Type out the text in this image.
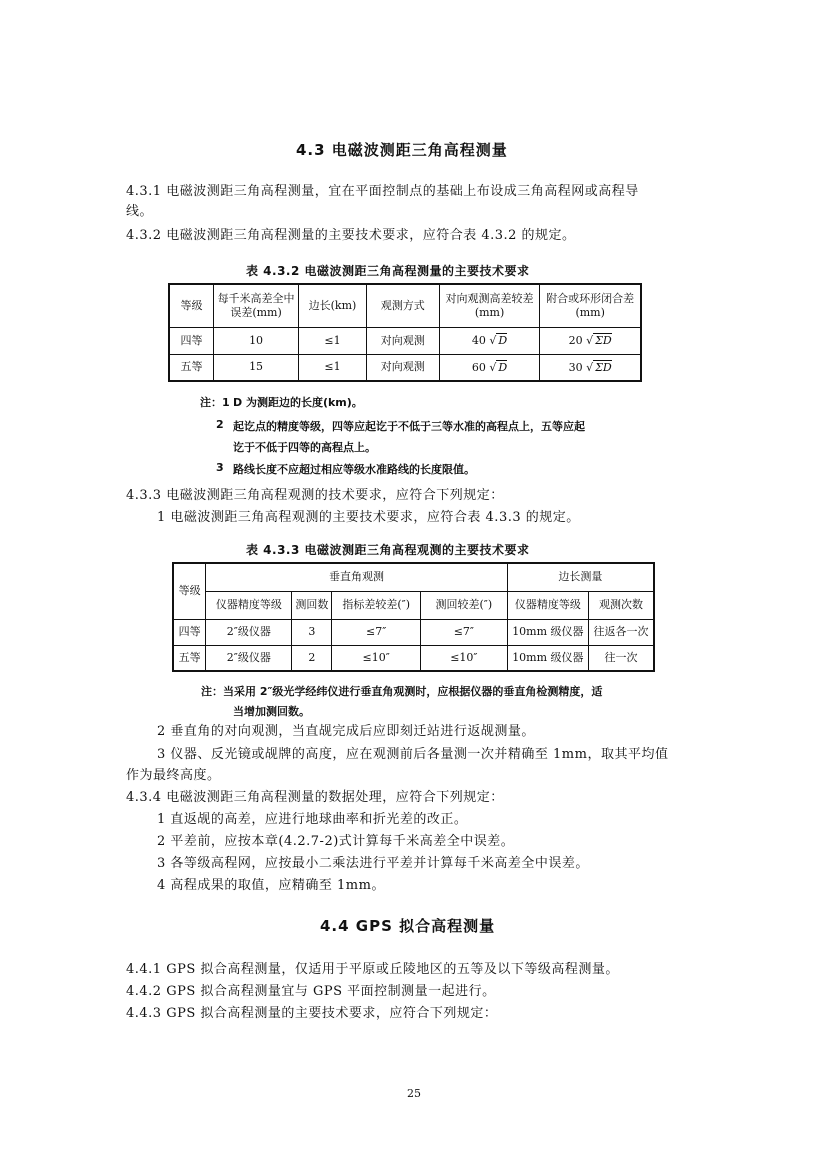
4.3 电磁波测距三角高程测量
4.3.1 电磁波测距三角高程测量，宜在平面控制点的基础上布设成三角高程网或高程导
线。
4.3.2 电磁波测距三角高程测量的主要技术要求，应符合表 4.3.2 的规定。
表 4.3.2 电磁波测距三角高程测量的主要技术要求
等级	每千米高差全中误差(mm)	边长(km)	观测方式	对向观测高差较差(mm)	附合或环形闭合差(mm)
四等	10	≤1	对向观测	40 √ D	20 √ ΣD
五等	15	≤1	对向观测	60 √ D	30 √ ΣD
注：1 D 为测距边的长度(km)。
2 起讫点的精度等级，四等应起讫于不低于三等水准的高程点上，五等应起
讫于不低于四等的高程点上。
3 路线长度不应超过相应等级水准路线的长度限值。
4.3.3 电磁波测距三角高程观测的技术要求，应符合下列规定：
1 电磁波测距三角高程观测的主要技术要求，应符合表 4.3.3 的规定。
表 4.3.3 电磁波测距三角高程观测的主要技术要求
等级	垂直角观测				边长测量	
	仪器精度等级	测回数	指标差较差(″)	测回较差(″)	仪器精度等级	观测次数
四等	2″级仪器	3	≤7″	≤7″	10mm 级仪器	往返各一次
五等	2″级仪器	2	≤10″	≤10″	10mm 级仪器	往一次
注：当采用 2″级光学经纬仪进行垂直角观测时，应根据仪器的垂直角检测精度，适
当增加测回数。
2 垂直角的对向观测，当直觇完成后应即刻迁站进行返觇测量。
3 仪器、反光镜或觇牌的高度，应在观测前后各量测一次并精确至 1mm，取其平均值
作为最终高度。
4.3.4 电磁波测距三角高程测量的数据处理，应符合下列规定：
1 直返觇的高差，应进行地球曲率和折光差的改正。
2 平差前，应按本章(4.2.7-2)式计算每千米高差全中误差。
3 各等级高程网，应按最小二乘法进行平差并计算每千米高差全中误差。
4 高程成果的取值，应精确至 1mm。
4.4 GPS 拟合高程测量
4.4.1 GPS 拟合高程测量，仅适用于平原或丘陵地区的五等及以下等级高程测量。
4.4.2 GPS 拟合高程测量宜与 GPS 平面控制测量一起进行。
4.4.3 GPS 拟合高程测量的主要技术要求，应符合下列规定：
25
